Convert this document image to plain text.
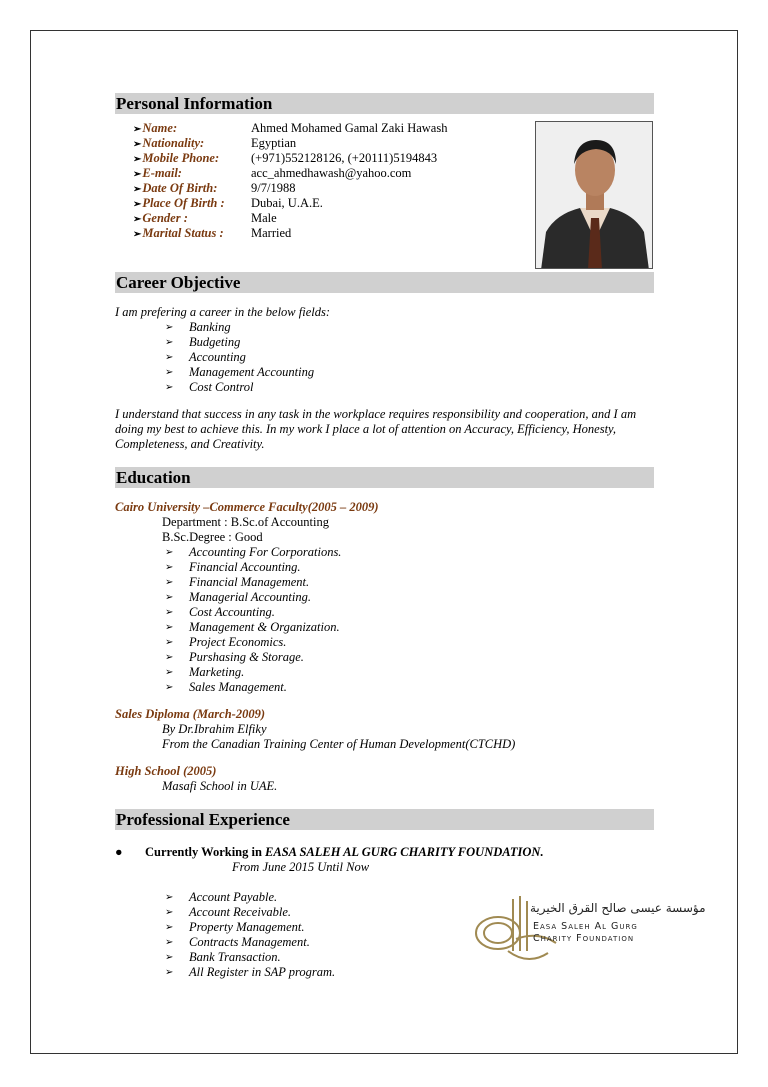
Personal Information
➢Name:	Ahmed Mohamed Gamal Zaki Hawash
➢Nationality:	Egyptian
➢Mobile Phone:	(+971)552128126, (+20111)5194843
➢E-mail:	acc_ahmedhawash@yahoo.com
➢Date Of Birth:	9/7/1988
➢Place Of Birth :	Dubai, U.A.E.
➢Gender :	Male
➢Marital Status :	Married
Career Objective
I am prefering a career in the below fields:
➢ Banking
➢ Budgeting
➢ Accounting
➢ Management Accounting
➢ Cost Control
I understand that success in any task in the workplace requires responsibility and cooperation, and I am doing my best to achieve this. In my work I place a lot of attention on Accuracy, Efficiency, Honesty, Completeness, and Creativity.
Education
Cairo University –Commerce Faculty(2005 – 2009)
Department : B.Sc.of Accounting
B.Sc.Degree : Good
➢ Accounting For Corporations.
➢ Financial Accounting.
➢ Financial Management.
➢ Managerial Accounting.
➢ Cost Accounting.
➢ Management & Organization.
➢ Project Economics.
➢ Purshasing & Storage.
➢ Marketing.
➢ Sales Management.
Sales Diploma (March-2009)
By Dr.Ibrahim Elfiky
From the Canadian Training Center of Human Development(CTCHD)
High School (2005)
Masafi School in UAE.
Professional Experience
● Currently Working in EASA SALEH AL GURG CHARITY FOUNDATION.
From June 2015 Until Now
➢ Account Payable.
➢ Account Receivable.
➢ Property Management.
➢ Contracts Management.
➢ Bank Transaction.
➢ All Register in SAP program.
مؤسسة عيسى صالح القرق الخيرية
Easa Saleh Al Gurg
Charity Foundation
